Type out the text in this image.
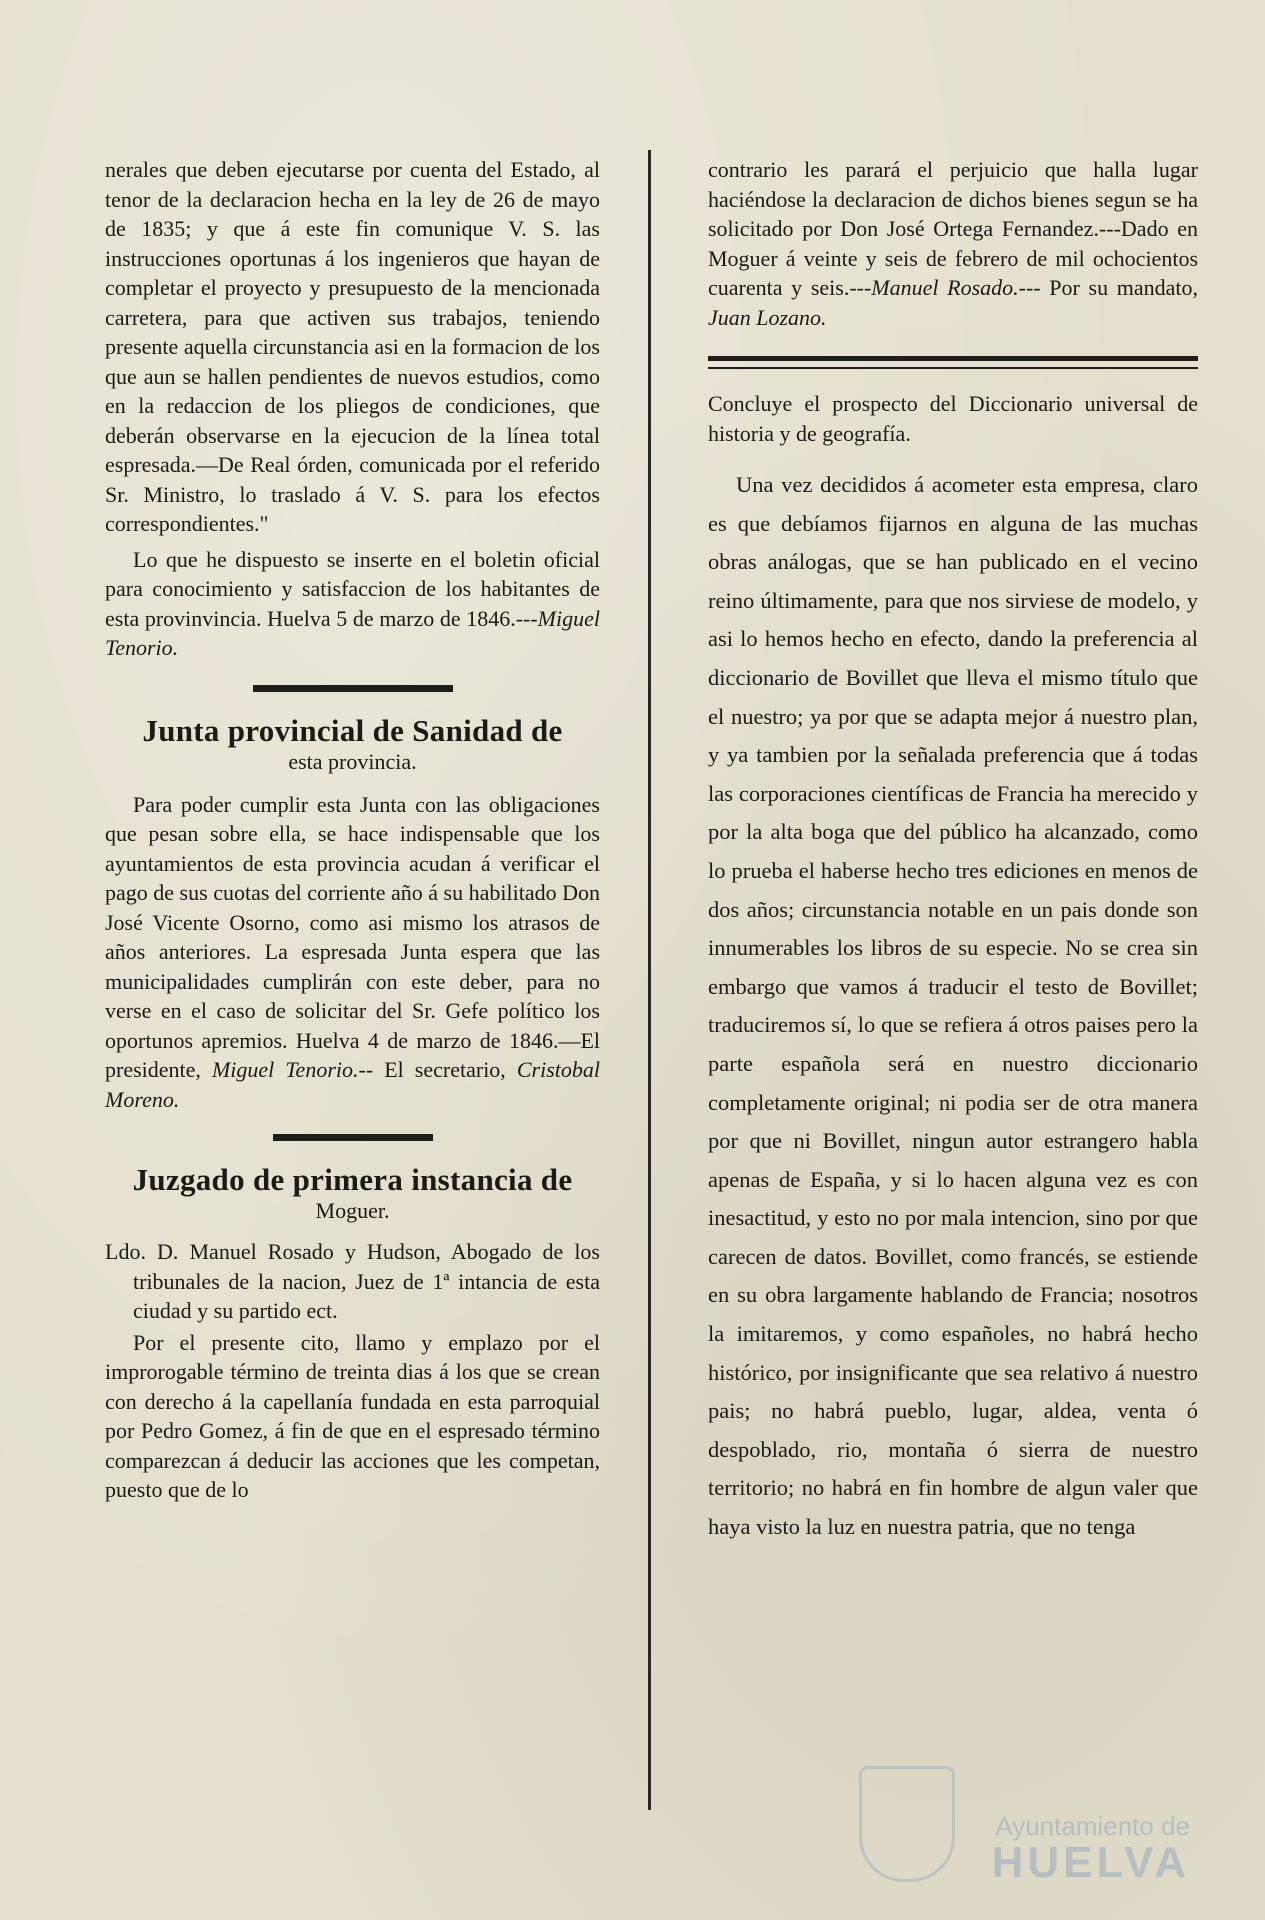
nerales que deben ejecutarse por cuenta del Estado, al tenor de la declaracion hecha en la ley de 26 de mayo de 1835; y que á este fin comunique V. S. las instrucciones oportunas á los ingenieros que hayan de completar el proyecto y presupuesto de la mencionada carretera, para que activen sus trabajos, teniendo presente aquella circunstancia asi en la formacion de los que aun se hallen pendientes de nuevos estudios, como en la redaccion de los pliegos de condiciones, que deberán observarse en la ejecucion de la línea total espresada.—De Real órden, comunicada por el referido Sr. Ministro, lo traslado á V. S. para los efectos correspondientes."

Lo que he dispuesto se inserte en el boletin oficial para conocimiento y satisfaccion de los habitantes de esta provinvincia. Huelva 5 de marzo de 1846.---Miguel Tenorio.

Junta provincial de Sanidad de

esta provincia.

Para poder cumplir esta Junta con las obligaciones que pesan sobre ella, se hace indispensable que los ayuntamientos de esta provincia acudan á verificar el pago de sus cuotas del corriente año á su habilitado Don José Vicente Osorno, como asi mismo los atrasos de años anteriores. La espresada Junta espera que las municipalidades cumplirán con este deber, para no verse en el caso de solicitar del Sr. Gefe político los oportunos apremios. Huelva 4 de marzo de 1846.—El presidente, Miguel Tenorio.-- El secretario, Cristobal Moreno.

Juzgado de primera instancia de

Moguer.

Ldo. D. Manuel Rosado y Hudson, Abogado de los tribunales de la nacion, Juez de 1ª intancia de esta ciudad y su partido ect.

Por el presente cito, llamo y emplazo por el improrogable término de treinta dias á los que se crean con derecho á la capellanía fundada en esta parroquial por Pedro Gomez, á fin de que en el espresado término comparezcan á deducir las acciones que les competan, puesto que de lo

contrario les parará el perjuicio que halla lugar haciéndose la declaracion de dichos bienes segun se ha solicitado por Don José Ortega Fernandez.---Dado en Moguer á veinte y seis de febrero de mil ochocientos cuarenta y seis.---Manuel Rosado.--- Por su mandato, Juan Lozano.

Concluye el prospecto del Diccionario universal de historia y de geografía.

Una vez decididos á acometer esta empresa, claro es que debíamos fijarnos en alguna de las muchas obras análogas, que se han publicado en el vecino reino últimamente, para que nos sirviese de modelo, y asi lo hemos hecho en efecto, dando la preferencia al diccionario de Bovillet que lleva el mismo título que el nuestro; ya por que se adapta mejor á nuestro plan, y ya tambien por la señalada preferencia que á todas las corporaciones científicas de Francia ha merecido y por la alta boga que del público ha alcanzado, como lo prueba el haberse hecho tres ediciones en menos de dos años; circunstancia notable en un pais donde son innumerables los libros de su especie. No se crea sin embargo que vamos á traducir el testo de Bovillet; traduciremos sí, lo que se refiera á otros paises pero la parte española será en nuestro diccionario completamente original; ni podia ser de otra manera por que ni Bovillet, ningun autor estrangero habla apenas de España, y si lo hacen alguna vez es con inesactitud, y esto no por mala intencion, sino por que carecen de datos. Bovillet, como francés, se estiende en su obra largamente hablando de Francia; nosotros la imitaremos, y como españoles, no habrá hecho histórico, por insignificante que sea relativo á nuestro pais; no habrá pueblo, lugar, aldea, venta ó despoblado, rio, montaña ó sierra de nuestro territorio; no habrá en fin hombre de algun valer que haya visto la luz en nuestra patria, que no tenga

Ayuntamiento de
HUELVA
